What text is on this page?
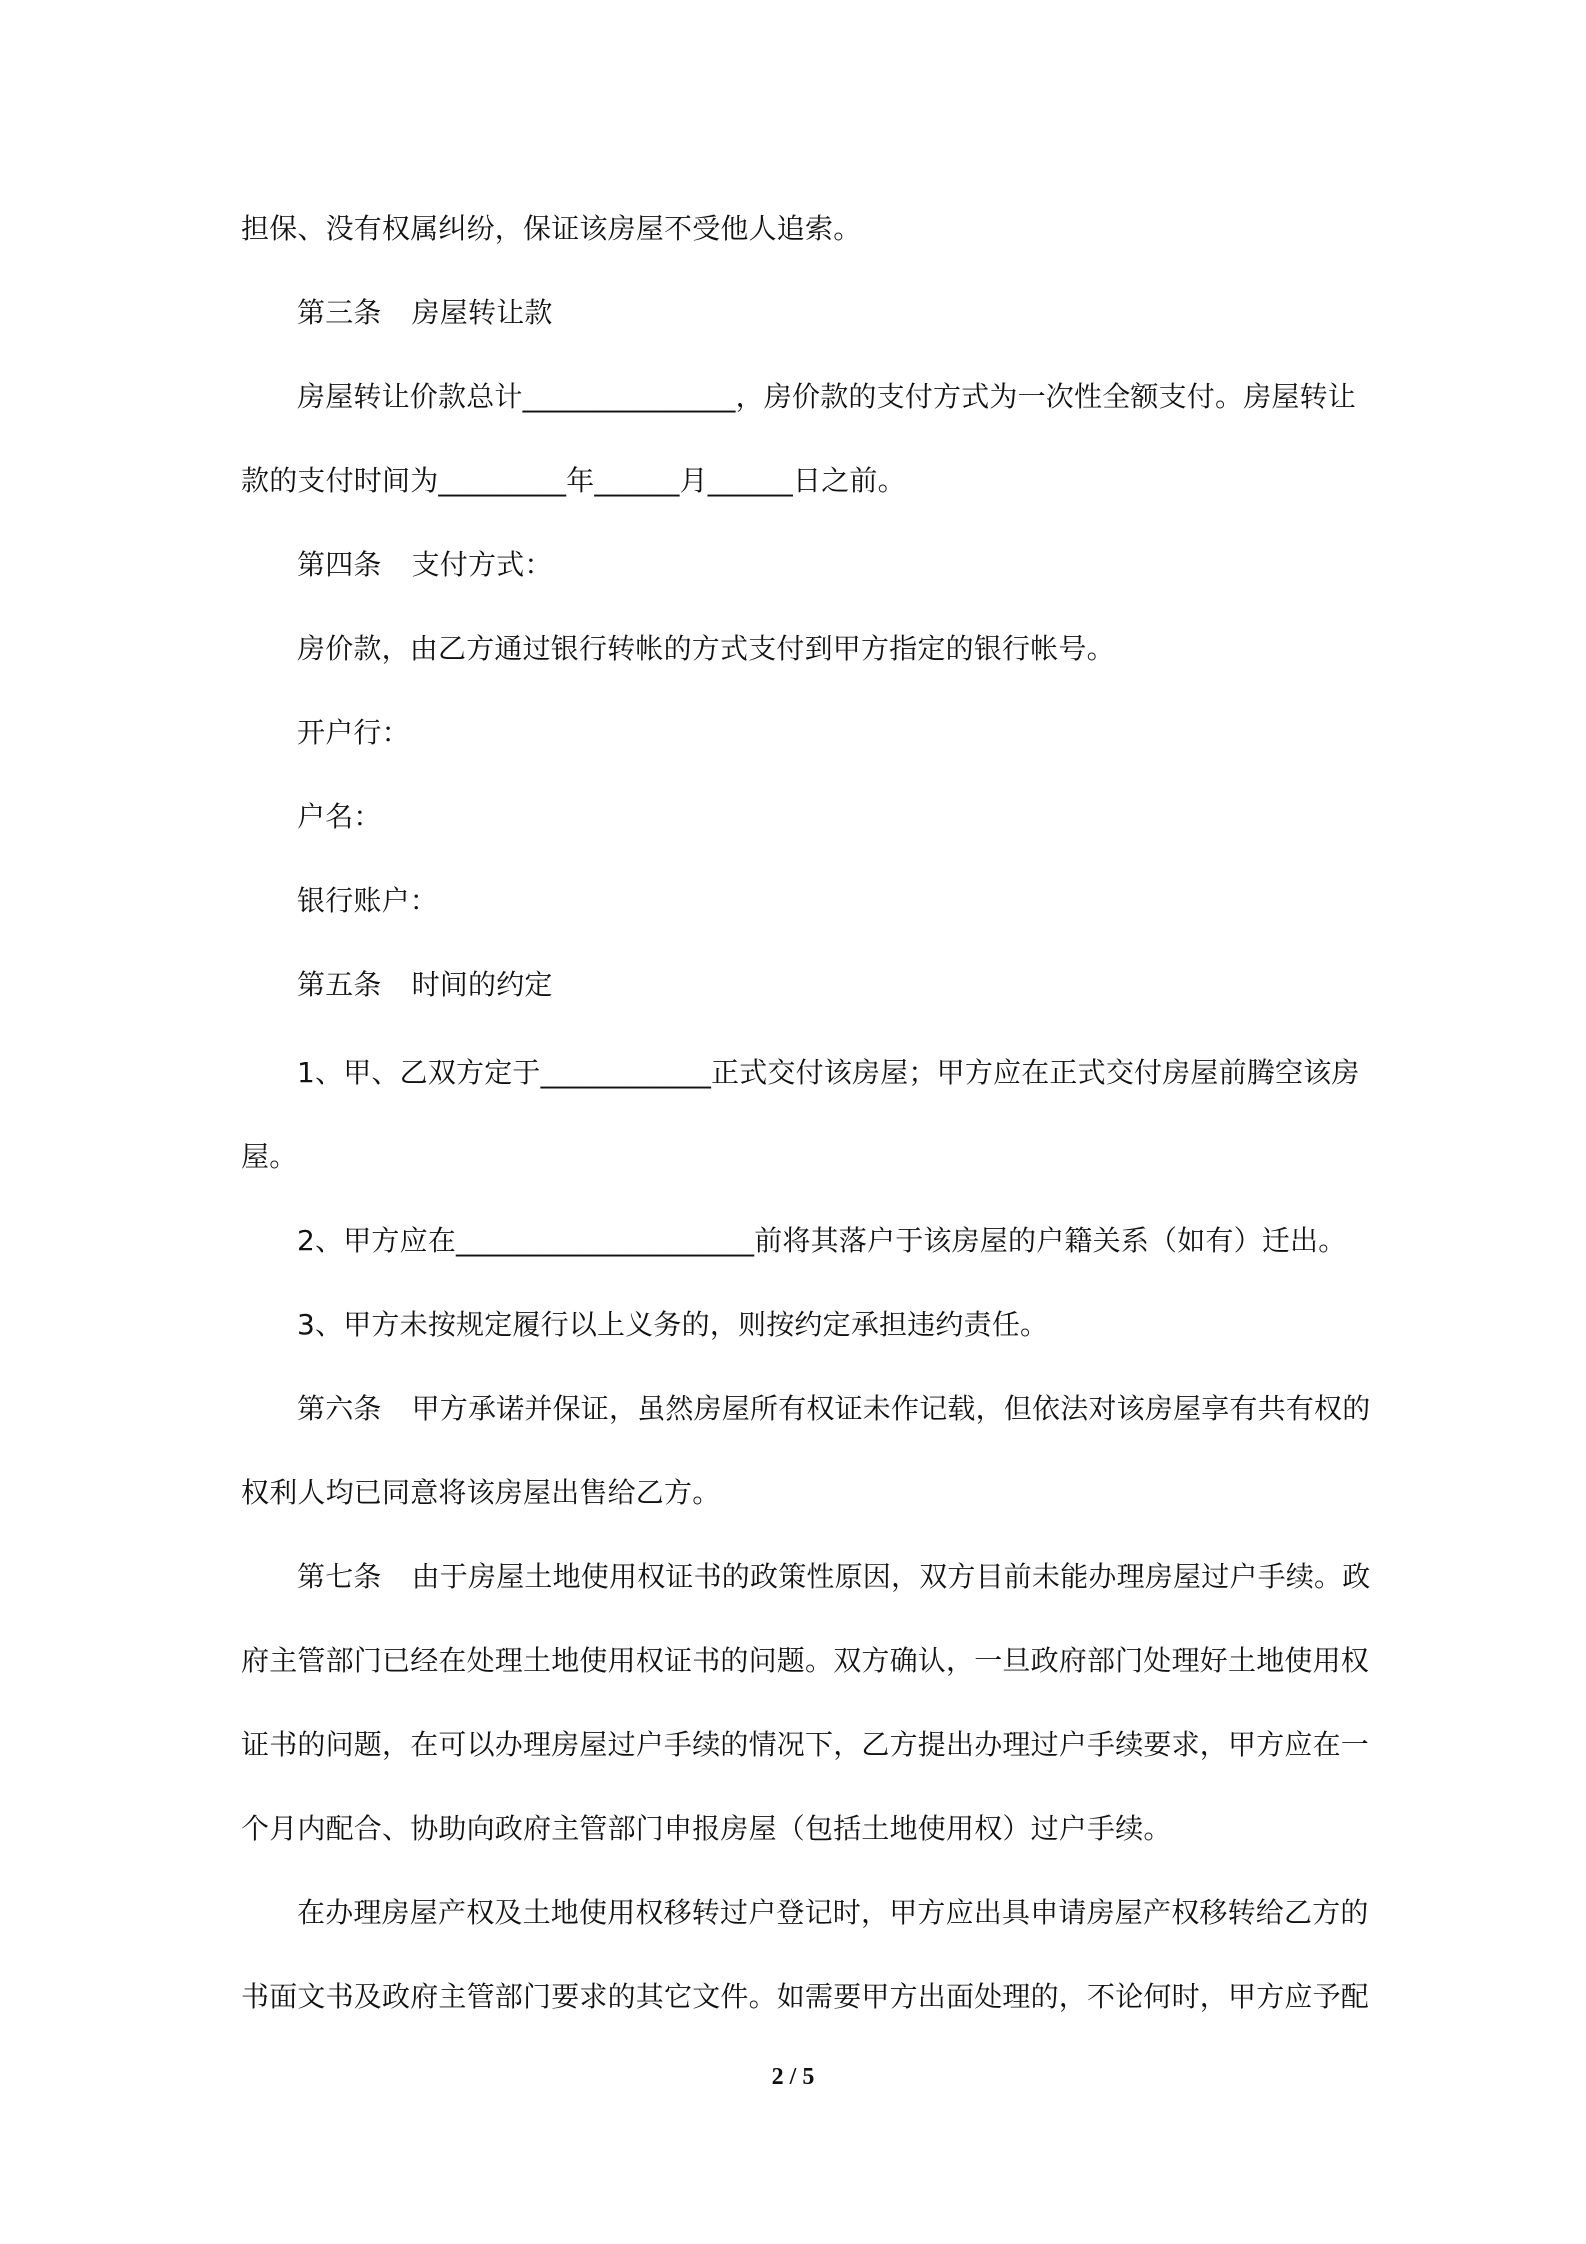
担保、没有权属纠纷，保证该房屋不受他人追索。

第三条 房屋转让款

房屋转让价款总计_______________，房价款的支付方式为一次性全额支付。房屋转让

款的支付时间为_________年______月______日之前。

第四条 支付方式：

房价款，由乙方通过银行转帐的方式支付到甲方指定的银行帐号。

开户行：

户名：

银行账户：

第五条 时间的约定

1、甲、乙双方定于____________正式交付该房屋；甲方应在正式交付房屋前腾空该房

屋。

2、甲方应在_____________________前将其落户于该房屋的户籍关系（如有）迁出。

3、甲方未按规定履行以上义务的，则按约定承担违约责任。

第六条 甲方承诺并保证，虽然房屋所有权证未作记载，但依法对该房屋享有共有权的

权利人均已同意将该房屋出售给乙方。

第七条 由于房屋土地使用权证书的政策性原因，双方目前未能办理房屋过户手续。政

府主管部门已经在处理土地使用权证书的问题。双方确认，一旦政府部门处理好土地使用权

证书的问题，在可以办理房屋过户手续的情况下，乙方提出办理过户手续要求，甲方应在一

个月内配合、协助向政府主管部门申报房屋（包括土地使用权）过户手续。

在办理房屋产权及土地使用权移转过户登记时，甲方应出具申请房屋产权移转给乙方的

书面文书及政府主管部门要求的其它文件。如需要甲方出面处理的，不论何时，甲方应予配

2 / 5
